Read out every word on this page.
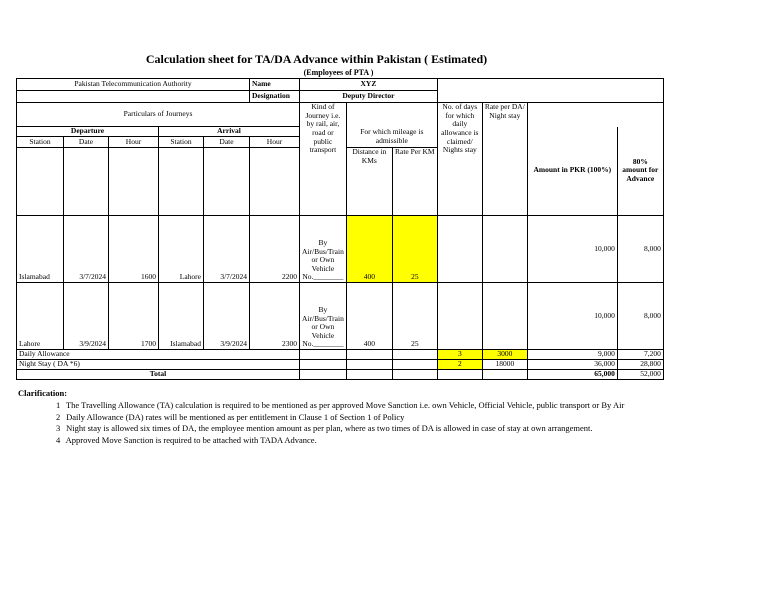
Calculation sheet for TA/DA Advance within Pakistan ( Estimated)
(Employees of PTA )
Pakistan Telecommunication Authority					Name	XYZ						
					Designation	Deputy Director						
Particulars of Journeys						Kind of Journey i.e. by rail, air, road or public transport			No. of days for which daily allowance is claimed/ Nights stay	Rate per DA/ Night stay		
Departure			Arrival				For which mileage is admissible				Amount in PKR (100%)	80% amount for Advance
Station	Date	Hour	Station	Date	Hour							
							Distance in KMs	Rate Per KM				
Islamabad	3/7/2024	1600	Lahore	3/7/2024	2200	By Air/Bus/Train or Own Vehicle No.________	400	25			10,000	8,000
Lahore	3/9/2024	1700	Islamabad	3/9/2024	2300	By Air/Bus/Train or Own Vehicle No.________	400	25			10,000	8,000
Daily Allowance									3	3000	9,000	7,200
Night Stay ( DA *6)									2	18000	36,000	28,800
Total											65,000	52,000
Clarification:
1 The Travelling Allowance (TA) calculation is required to be mentioned as per approved Move Sanction i.e. own Vehicle, Official Vehicle, public transport or By Air
2 Daily Allowance (DA) rates will be mentioned as per entitlement in Clause 1 of Section 1 of Policy
3 Night stay is allowed six times of DA, the employee mention amount as per plan, where as two times of DA is allowed in case of stay at own arrangement.
4 Approved Move Sanction is required to be attached with TADA Advance.
